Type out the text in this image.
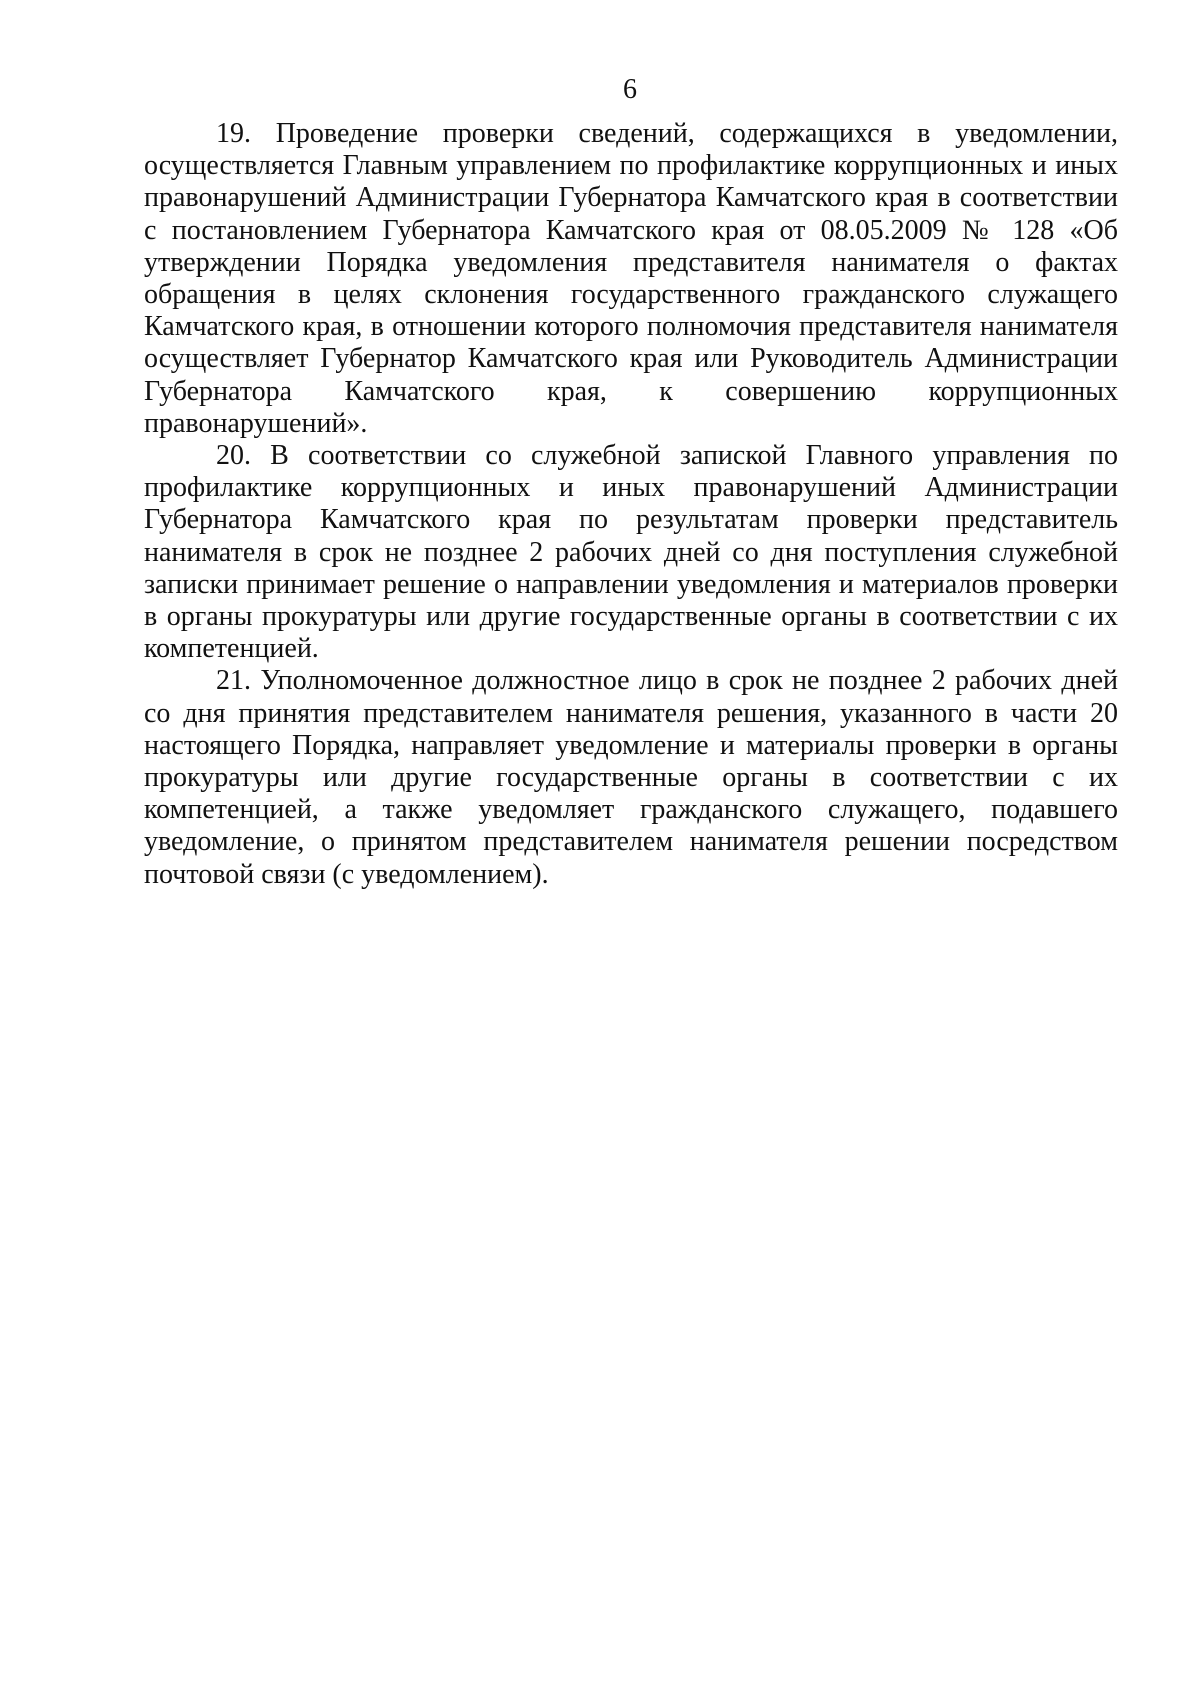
6

19. Проведение проверки сведений, содержащихся в уведомлении, осуществляется Главным управлением по профилактике коррупционных и иных правонарушений Администрации Губернатора Камчатского края в соответствии с постановлением Губернатора Камчатского края от 08.05.2009 № 128 «Об утверждении Порядка уведомления представителя нанимателя о фактах обращения в целях склонения государственного гражданского служащего Камчатского края, в отношении которого полномочия представителя нанимателя осуществляет Губернатор Камчатского края или Руководитель Администрации Губернатора Камчатского края, к совершению коррупционных правонарушений».

20. В соответствии со служебной запиской Главного управления по профилактике коррупционных и иных правонарушений Администрации Губернатора Камчатского края по результатам проверки представитель нанимателя в срок не позднее 2 рабочих дней со дня поступления служебной записки принимает решение о направлении уведомления и материалов проверки в органы прокуратуры или другие государственные органы в соответствии с их компетенцией.

21. Уполномоченное должностное лицо в срок не позднее 2 рабочих дней со дня принятия представителем нанимателя решения, указанного в части 20 настоящего Порядка, направляет уведомление и материалы проверки в органы прокуратуры или другие государственные органы в соответствии с их компетенцией, а также уведомляет гражданского служащего, подавшего уведомление, о принятом представителем нанимателя решении посредством почтовой связи (с уведомлением).
